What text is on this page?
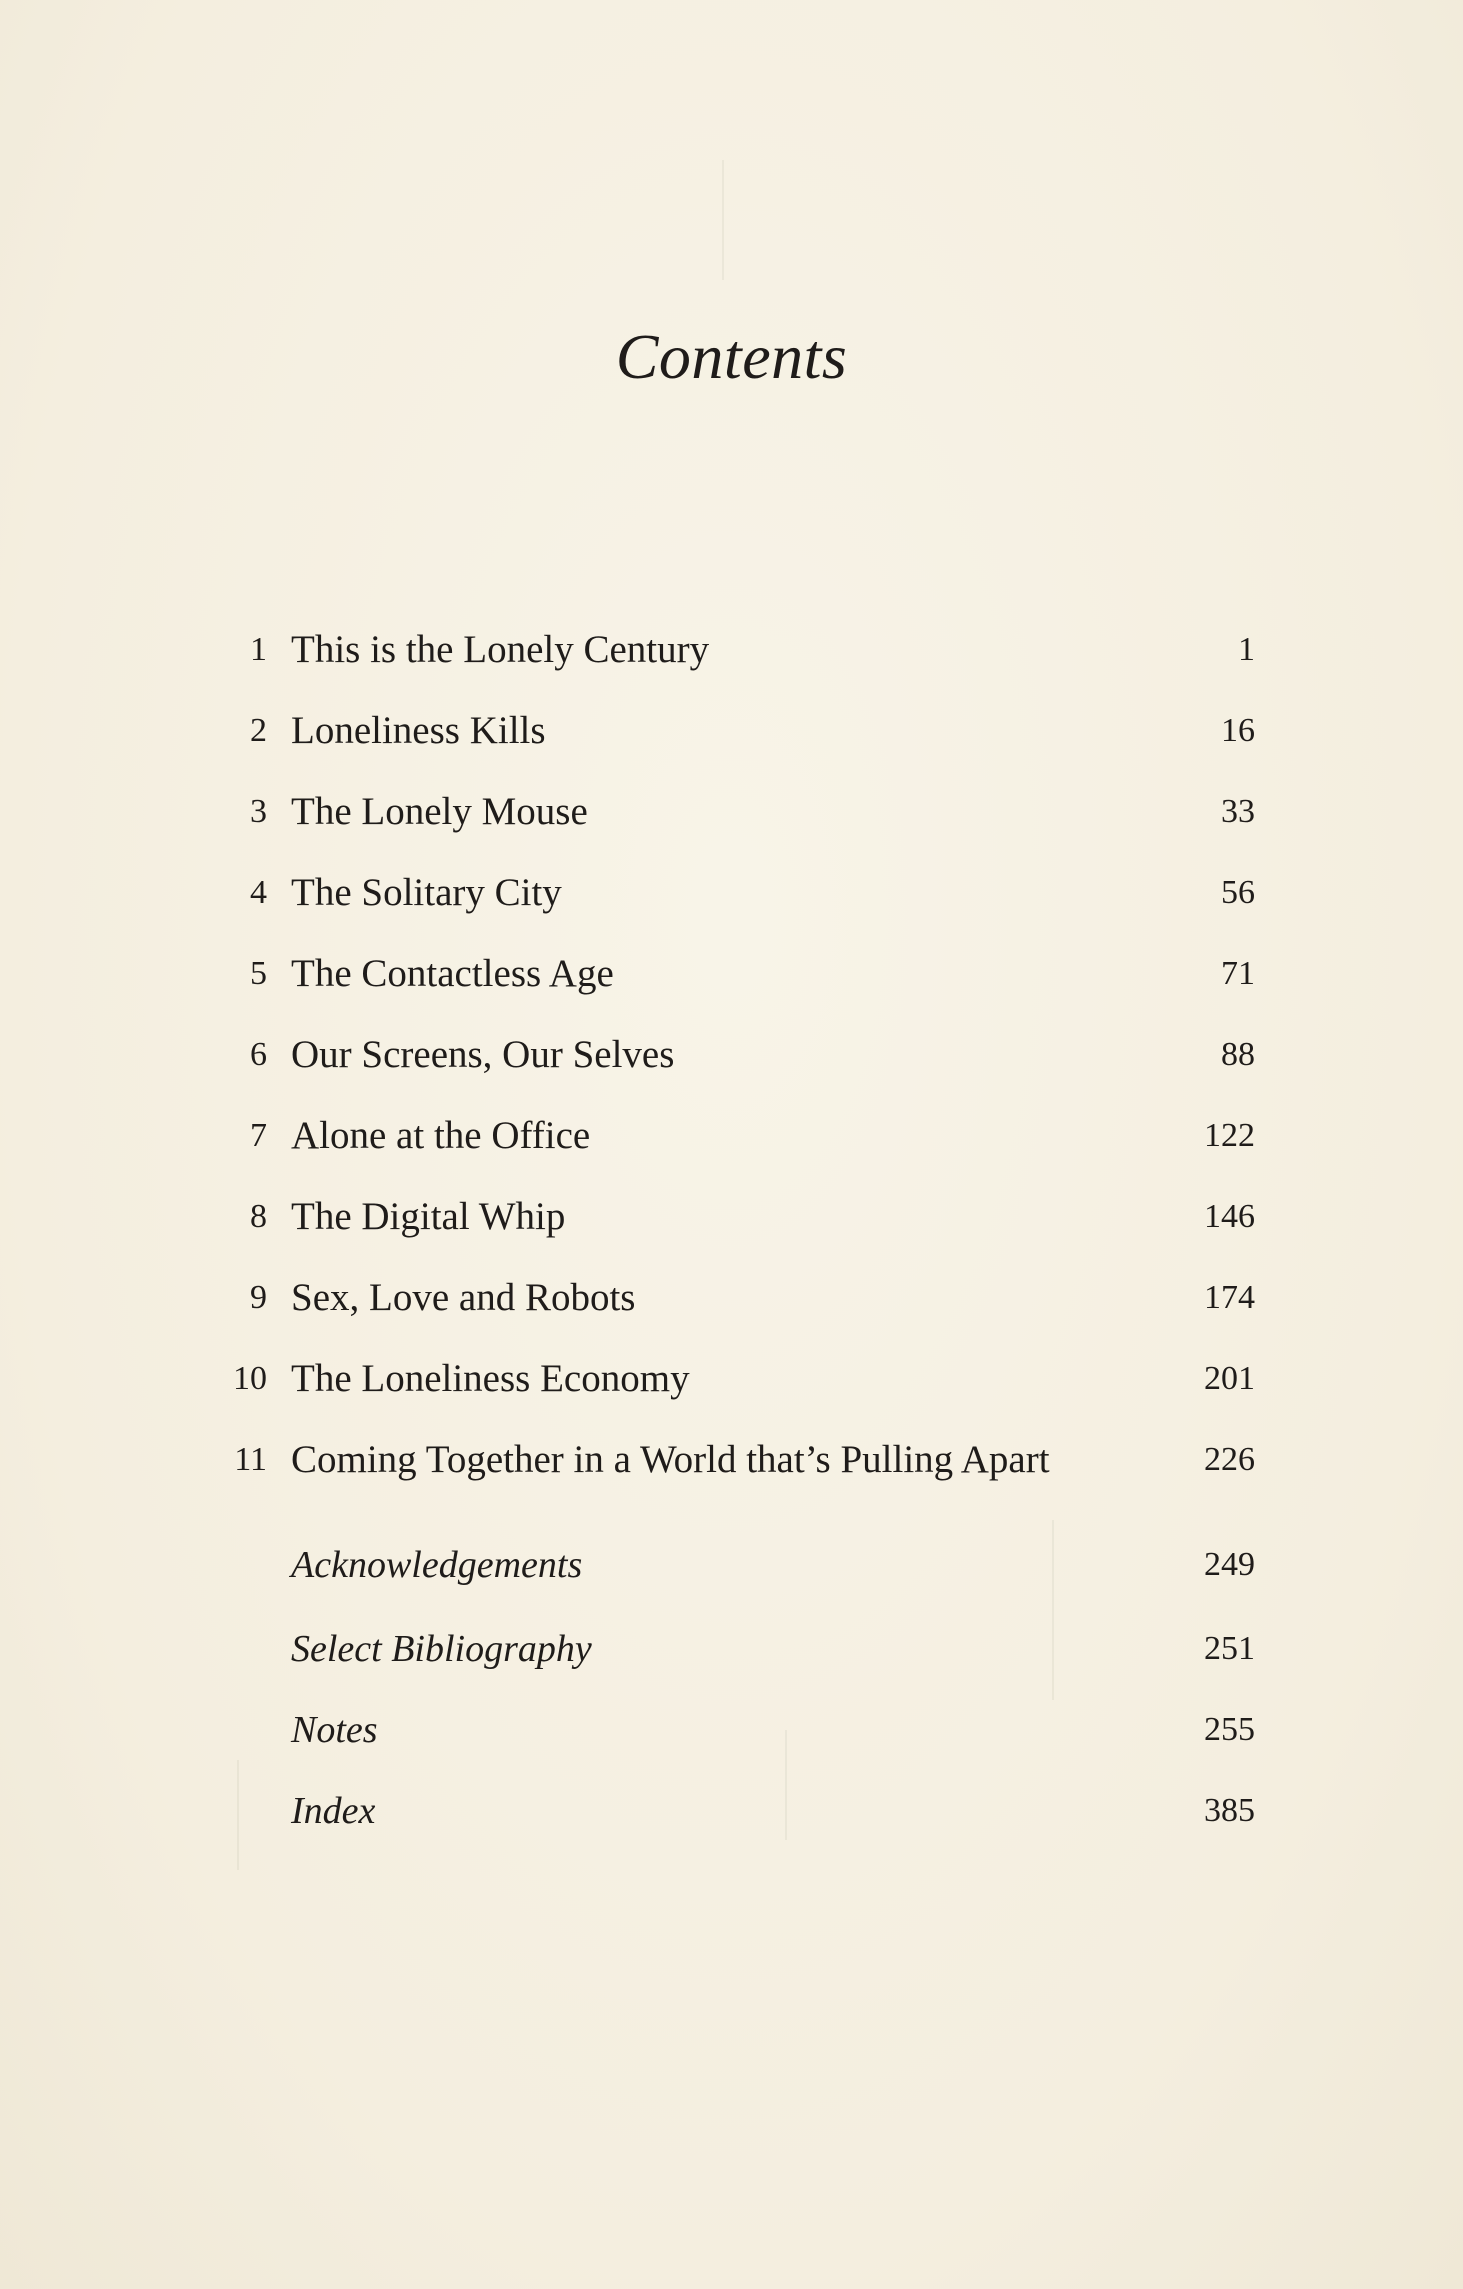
Contents
1 This is the Lonely Century	1
2 Loneliness Kills	16
3 The Lonely Mouse	33
4 The Solitary City	56
5 The Contactless Age	71
6 Our Screens, Our Selves	88
7 Alone at the Office	122
8 The Digital Whip	146
9 Sex, Love and Robots	174
10 The Loneliness Economy	201
11 Coming Together in a World that’s Pulling Apart	226
Acknowledgements	249
Select Bibliography	251
Notes	255
Index	385
